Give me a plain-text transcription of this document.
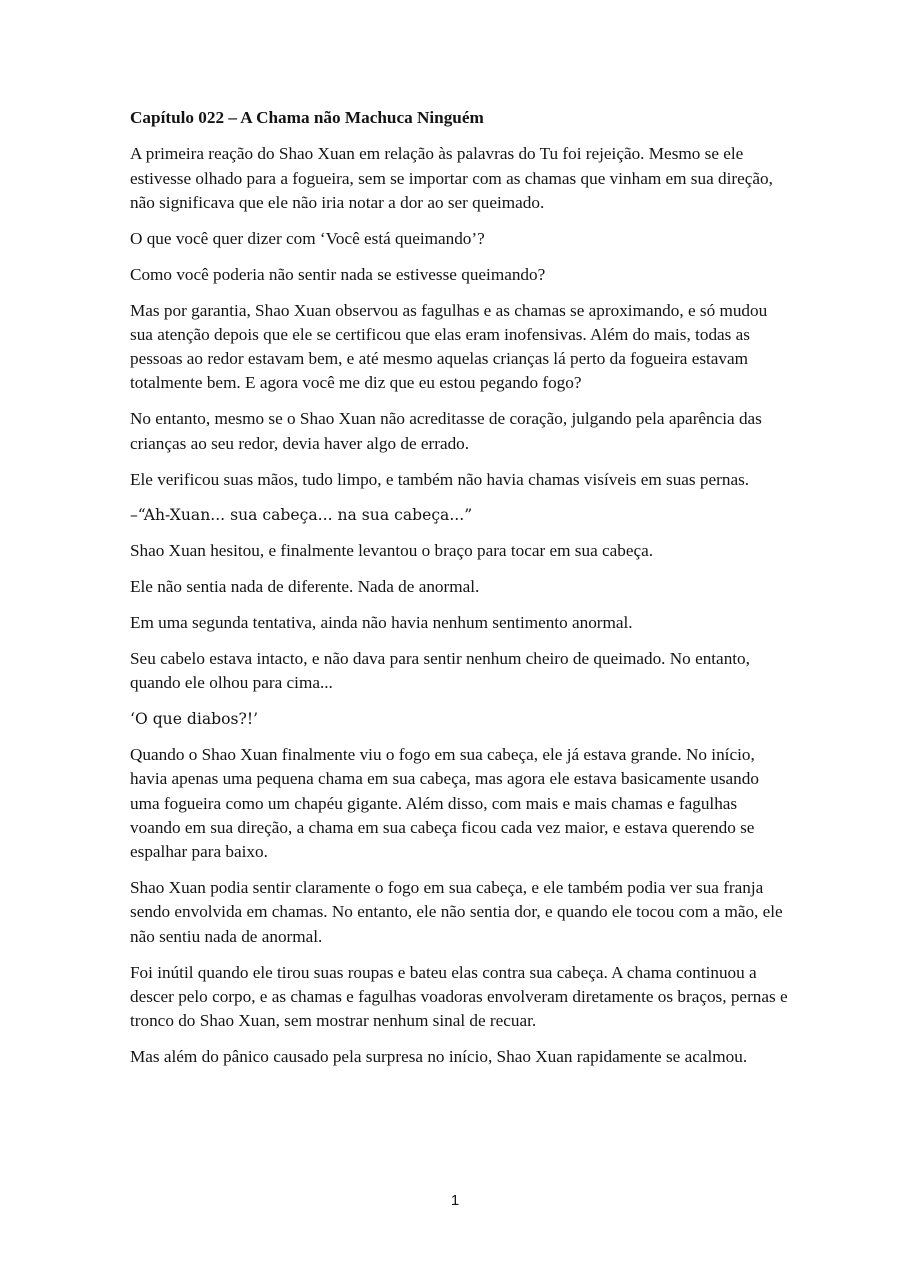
Capítulo 022 – A Chama não Machuca Ninguém

A primeira reação do Shao Xuan em relação às palavras do Tu foi rejeição. Mesmo se ele estivesse olhado para a fogueira, sem se importar com as chamas que vinham em sua direção, não significava que ele não iria notar a dor ao ser queimado.

O que você quer dizer com ‘Você está queimando’?

Como você poderia não sentir nada se estivesse queimando?

Mas por garantia, Shao Xuan observou as fagulhas e as chamas se aproximando, e só mudou sua atenção depois que ele se certificou que elas eram inofensivas. Além do mais, todas as pessoas ao redor estavam bem, e até mesmo aquelas crianças lá perto da fogueira estavam totalmente bem. E agora você me diz que eu estou pegando fogo?

No entanto, mesmo se o Shao Xuan não acreditasse de coração, julgando pela aparência das crianças ao seu redor, devia haver algo de errado.

Ele verificou suas mãos, tudo limpo, e também não havia chamas visíveis em suas pernas.

–“Ah-Xuan... sua cabeça... na sua cabeça...”

Shao Xuan hesitou, e finalmente levantou o braço para tocar em sua cabeça.

Ele não sentia nada de diferente. Nada de anormal.

Em uma segunda tentativa, ainda não havia nenhum sentimento anormal.

Seu cabelo estava intacto, e não dava para sentir nenhum cheiro de queimado. No entanto, quando ele olhou para cima...

‘O que diabos?!’

Quando o Shao Xuan finalmente viu o fogo em sua cabeça, ele já estava grande. No início, havia apenas uma pequena chama em sua cabeça, mas agora ele estava basicamente usando uma fogueira como um chapéu gigante. Além disso, com mais e mais chamas e fagulhas voando em sua direção, a chama em sua cabeça ficou cada vez maior, e estava querendo se espalhar para baixo.

Shao Xuan podia sentir claramente o fogo em sua cabeça, e ele também podia ver sua franja sendo envolvida em chamas. No entanto, ele não sentia dor, e quando ele tocou com a mão, ele não sentiu nada de anormal.

Foi inútil quando ele tirou suas roupas e bateu elas contra sua cabeça. A chama continuou a descer pelo corpo, e as chamas e fagulhas voadoras envolveram diretamente os braços, pernas e tronco do Shao Xuan, sem mostrar nenhum sinal de recuar.

Mas além do pânico causado pela surpresa no início, Shao Xuan rapidamente se acalmou.

1
